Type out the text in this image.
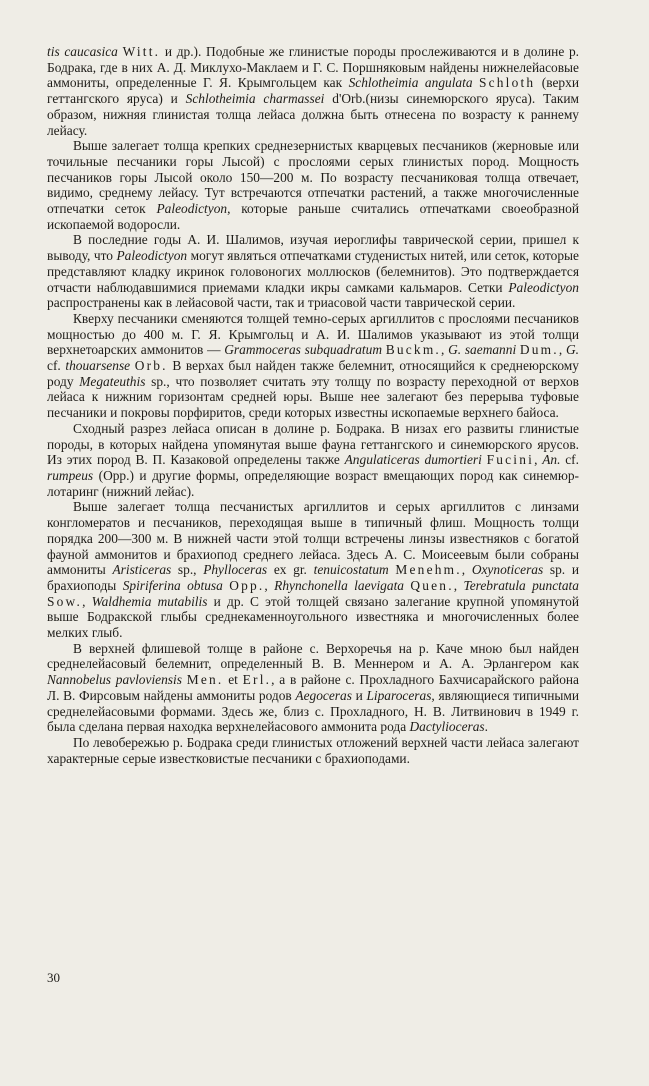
tis caucasica Witt. и др.). Подобные же глинистые породы прослеживаются и в долине р. Бодрака, где в них А. Д. Миклухо-Маклаем и Г. С. Поршняковым найдены нижнелейасовые аммониты, определенные Г. Я. Крымгольцем как Schlotheimia angulata Schloth (верхи геттангского яруса) и Schlotheimia charmassei d'Orb.(низы синемюрского яруса). Таким образом, нижняя глинистая толща лейаса должна быть отнесена по возрасту к раннему лейасу.

Выше залегает толща крепких среднезернистых кварцевых песчаников (жерновые или точильные песчаники горы Лысой) с прослоями серых глинистых пород. Мощность песчаников горы Лысой около 150—200 м. По возрасту песчаниковая толща отвечает, видимо, среднему лейасу. Тут встречаются отпечатки растений, а также многочисленные отпечатки сеток Paleodictyon, которые раньше считались отпечатками своеобразной ископаемой водоросли.

В последние годы А. И. Шалимов, изучая иероглифы таврической серии, пришел к выводу, что Paleodictyon могут являться отпечатками студенистых нитей, или сеток, которые представляют кладку икринок головоногих моллюсков (белемнитов). Это подтверждается отчасти наблюдавшимися приемами кладки икры самками кальмаров. Сетки Paleodictyon распространены как в лейасовой части, так и триасовой части таврической серии.

Кверху песчаники сменяются толщей темно-серых аргиллитов с прослоями песчаников мощностью до 400 м. Г. Я. Крымгольц и А. И. Шалимов указывают из этой толщи верхнетоарских аммонитов — Grammoceras subquadratum Buckm., G. saemanni Dum., G. cf. thouarsense Orb. В верхах был найден также белемнит, относящийся к среднеюрскому роду Megateuthis sp., что позволяет считать эту толщу по возрасту переходной от верхов лейаса к нижним горизонтам средней юры. Выше нее залегают без перерыва туфовые песчаники и покровы порфиритов, среди которых известны ископаемые верхнего байоса.

Сходный разрез лейаса описан в долине р. Бодрака. В низах его развиты глинистые породы, в которых найдена упомянутая выше фауна геттангского и синемюрского ярусов. Из этих пород В. П. Казаковой определены также Angulaticeras dumortieri Fucini, An. cf. rumpeus (Opp.) и другие формы, определяющие возраст вмещающих пород как синемюр-лотаринг (нижний лейас).

Выше залегает толща песчанистых аргиллитов и серых аргиллитов с линзами конгломератов и песчаников, переходящая выше в типичный флиш. Мощность толщи порядка 200—300 м. В нижней части этой толщи встречены линзы известняков с богатой фауной аммонитов и брахиопод среднего лейаса. Здесь А. С. Моисеевым были собраны аммониты Aristiceras sp., Phylloceras ex gr. tenuicostatum Menehm., Oxynoticeras sp. и брахиоподы Spiriferina obtusa Opp., Rhynchonella laevigata Quen., Terebratula punctata Sow., Waldhemia mutabilis и др. С этой толщей связано залегание крупной упомянутой выше Бодракской глыбы среднекаменноугольного известняка и многочисленных более мелких глыб.

В верхней флишевой толще в районе с. Верхоречья на р. Каче мною был найден среднелейасовый белемнит, определенный В. В. Меннером и А. А. Эрлангером как Nannobelus pavloviensis Men. et Erl., а в районе с. Прохладного Бахчисарайского района Л. В. Фирсовым найдены аммониты родов Aegoceras и Liparoceras, являющиеся типичными среднелейасовыми формами. Здесь же, близ с. Прохладного, Н. В. Литвинович в 1949 г. была сделана первая находка верхнелейасового аммонита рода Dactylioceras.

По левобережью р. Бодрака среди глинистых отложений верхней части лейаса залегают характерные серые известковистые песчаники с брахиоподами.

30
